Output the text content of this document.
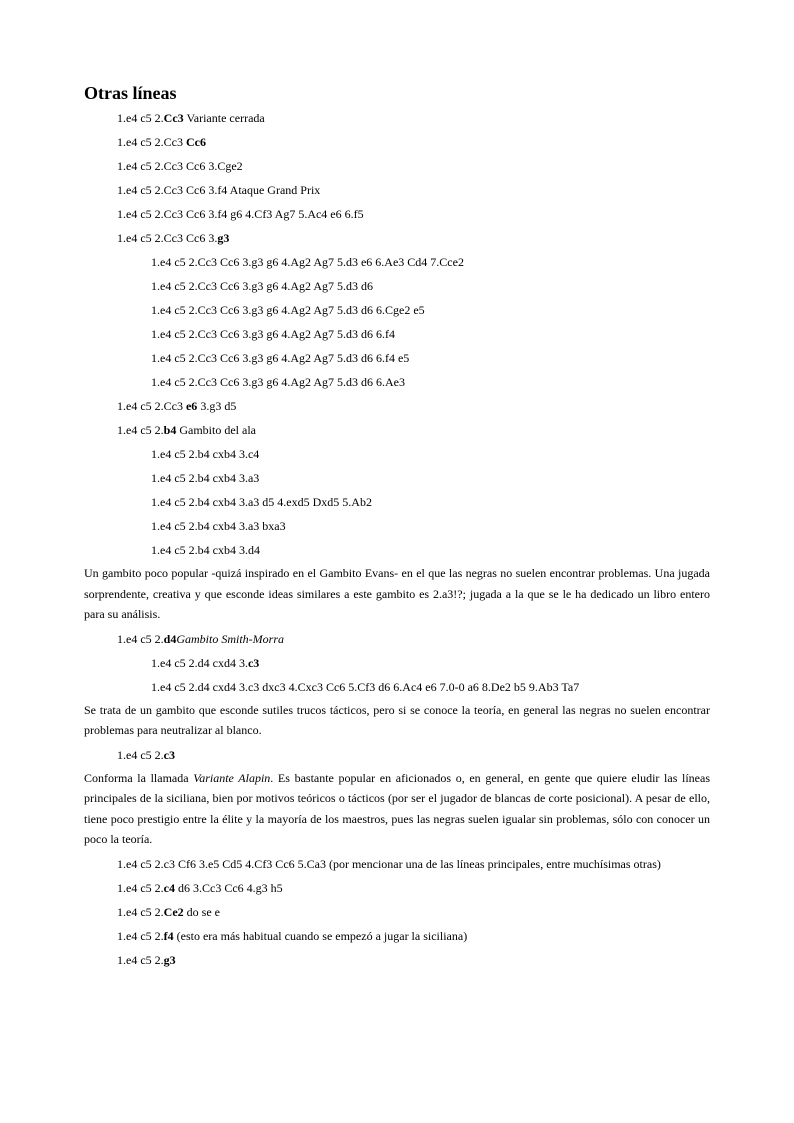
Otras líneas
1.e4 c5 2.Cc3 Variante cerrada
1.e4 c5 2.Cc3 Cc6
1.e4 c5 2.Cc3 Cc6 3.Cge2
1.e4 c5 2.Cc3 Cc6 3.f4 Ataque Grand Prix
1.e4 c5 2.Cc3 Cc6 3.f4 g6 4.Cf3 Ag7 5.Ac4 e6 6.f5
1.e4 c5 2.Cc3 Cc6 3.g3
1.e4 c5 2.Cc3 Cc6 3.g3 g6 4.Ag2 Ag7 5.d3 e6 6.Ae3 Cd4 7.Cce2
1.e4 c5 2.Cc3 Cc6 3.g3 g6 4.Ag2 Ag7 5.d3 d6
1.e4 c5 2.Cc3 Cc6 3.g3 g6 4.Ag2 Ag7 5.d3 d6 6.Cge2 e5
1.e4 c5 2.Cc3 Cc6 3.g3 g6 4.Ag2 Ag7 5.d3 d6 6.f4
1.e4 c5 2.Cc3 Cc6 3.g3 g6 4.Ag2 Ag7 5.d3 d6 6.f4 e5
1.e4 c5 2.Cc3 Cc6 3.g3 g6 4.Ag2 Ag7 5.d3 d6 6.Ae3
1.e4 c5 2.Cc3 e6 3.g3 d5
1.e4 c5 2.b4 Gambito del ala
1.e4 c5 2.b4 cxb4 3.c4
1.e4 c5 2.b4 cxb4 3.a3
1.e4 c5 2.b4 cxb4 3.a3 d5 4.exd5 Dxd5 5.Ab2
1.e4 c5 2.b4 cxb4 3.a3 bxa3
1.e4 c5 2.b4 cxb4 3.d4

Un gambito poco popular -quizá inspirado en el Gambito Evans- en el que las negras no suelen encontrar problemas. Una jugada sorprendente, creativa y que esconde ideas similares a este gambito es 2.a3!?; jugada a la que se le ha dedicado un libro entero para su análisis.

1.e4 c5 2.d4Gambito Smith-Morra
1.e4 c5 2.d4 cxd4 3.c3
1.e4 c5 2.d4 cxd4 3.c3 dxc3 4.Cxc3 Cc6 5.Cf3 d6 6.Ac4 e6 7.0-0 a6 8.De2 b5 9.Ab3 Ta7

Se trata de un gambito que esconde sutiles trucos tácticos, pero si se conoce la teoría, en general las negras no suelen encontrar problemas para neutralizar al blanco.

1.e4 c5 2.c3

Conforma la llamada Variante Alapin. Es bastante popular en aficionados o, en general, en gente que quiere eludir las líneas principales de la siciliana, bien por motivos teóricos o tácticos (por ser el jugador de blancas de corte posicional). A pesar de ello, tiene poco prestigio entre la élite y la mayoría de los maestros, pues las negras suelen igualar sin problemas, sólo con conocer un poco la teoría.

1.e4 c5 2.c3 Cf6 3.e5 Cd5 4.Cf3 Cc6 5.Ca3 (por mencionar una de las líneas principales, entre muchísimas otras)
1.e4 c5 2.c4 d6 3.Cc3 Cc6 4.g3 h5
1.e4 c5 2.Ce2 do se e
1.e4 c5 2.f4 (esto era más habitual cuando se empezó a jugar la siciliana)
1.e4 c5 2.g3
